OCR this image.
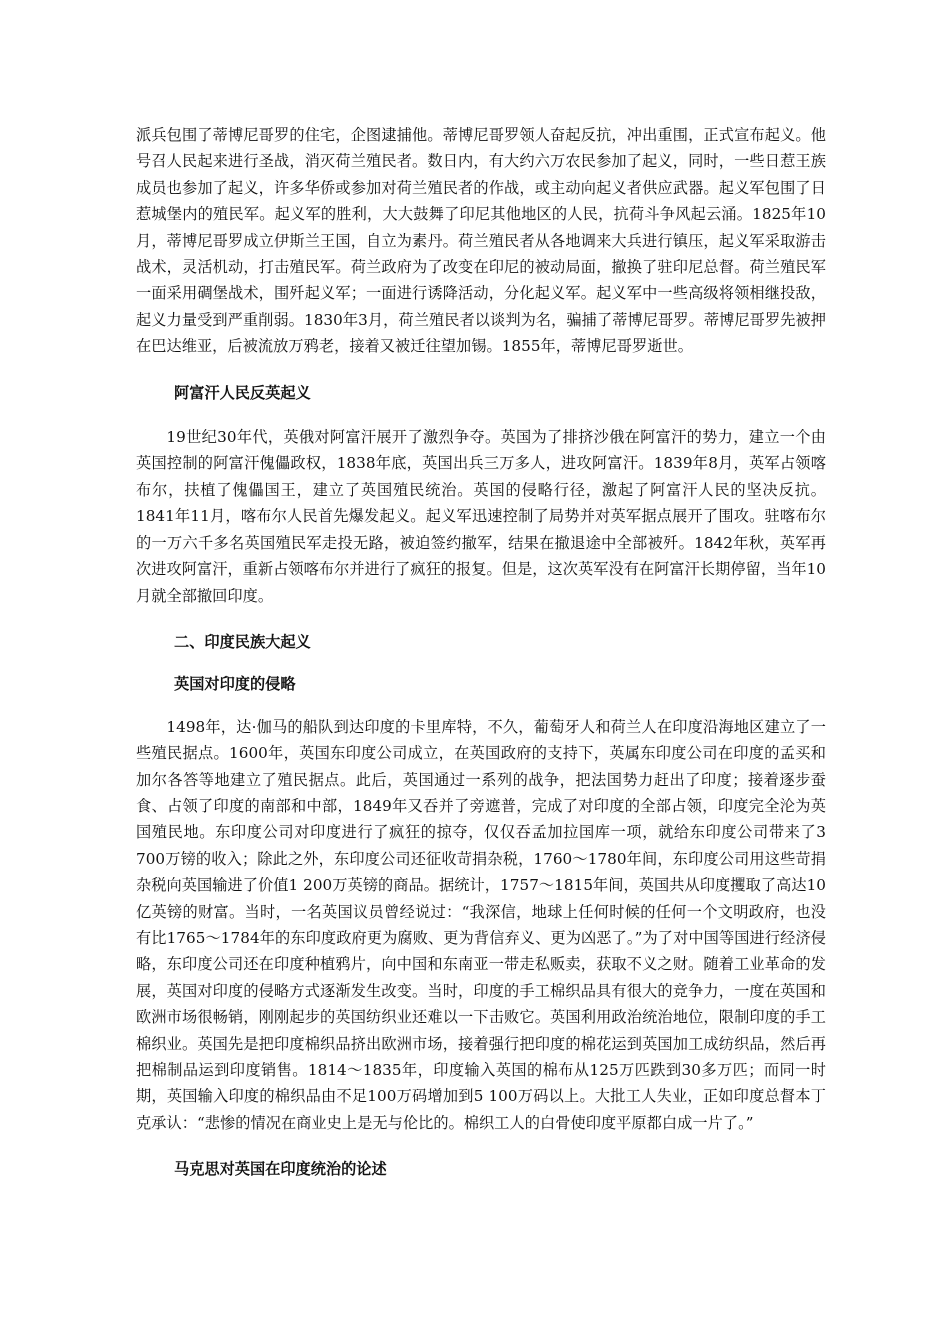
派兵包围了蒂博尼哥罗的住宅，企图逮捕他。蒂博尼哥罗领人奋起反抗，冲出重围，正式宣布起义。他号召人民起来进行圣战，消灭荷兰殖民者。数日内，有大约六万农民参加了起义，同时，一些日惹王族成员也参加了起义，许多华侨或参加对荷兰殖民者的作战，或主动向起义者供应武器。起义军包围了日惹城堡内的殖民军。起义军的胜利，大大鼓舞了印尼其他地区的人民，抗荷斗争风起云涌。1825年10月，蒂博尼哥罗成立伊斯兰王国，自立为素丹。荷兰殖民者从各地调来大兵进行镇压，起义军采取游击战术，灵活机动，打击殖民军。荷兰政府为了改变在印尼的被动局面，撤换了驻印尼总督。荷兰殖民军一面采用碉堡战术，围歼起义军；一面进行诱降活动，分化起义军。起义军中一些高级将领相继投敌，起义力量受到严重削弱。1830年3月，荷兰殖民者以谈判为名，骗捕了蒂博尼哥罗。蒂博尼哥罗先被押在巴达维亚，后被流放万鸦老，接着又被迁往望加锡。1855年，蒂博尼哥罗逝世。

阿富汗人民反英起义

19世纪30年代，英俄对阿富汗展开了激烈争夺。英国为了排挤沙俄在阿富汗的势力，建立一个由英国控制的阿富汗傀儡政权，1838年底，英国出兵三万多人，进攻阿富汗。1839年8月，英军占领喀布尔，扶植了傀儡国王，建立了英国殖民统治。英国的侵略行径，激起了阿富汗人民的坚决反抗。1841年11月，喀布尔人民首先爆发起义。起义军迅速控制了局势并对英军据点展开了围攻。驻喀布尔的一万六千多名英国殖民军走投无路，被迫签约撤军，结果在撤退途中全部被歼。1842年秋，英军再次进攻阿富汗，重新占领喀布尔并进行了疯狂的报复。但是，这次英军没有在阿富汗长期停留，当年10月就全部撤回印度。

二、印度民族大起义
英国对印度的侵略

1498年，达·伽马的船队到达印度的卡里库特，不久，葡萄牙人和荷兰人在印度沿海地区建立了一些殖民据点。1600年，英国东印度公司成立，在英国政府的支持下，英属东印度公司在印度的孟买和加尔各答等地建立了殖民据点。此后，英国通过一系列的战争，把法国势力赶出了印度；接着逐步蚕食、占领了印度的南部和中部，1849年又吞并了旁遮普，完成了对印度的全部占领，印度完全沦为英国殖民地。东印度公司对印度进行了疯狂的掠夺，仅仅吞孟加拉国库一项，就给东印度公司带来了3 700万镑的收入；除此之外，东印度公司还征收苛捐杂税，1760～1780年间，东印度公司用这些苛捐杂税向英国输进了价值1 200万英镑的商品。据统计，1757～1815年间，英国共从印度攫取了高达10亿英镑的财富。当时，一名英国议员曾经说过：“我深信，地球上任何时候的任何一个文明政府，也没有比1765～1784年的东印度政府更为腐败、更为背信弃义、更为凶恶了。”为了对中国等国进行经济侵略，东印度公司还在印度种植鸦片，向中国和东南亚一带走私贩卖，获取不义之财。随着工业革命的发展，英国对印度的侵略方式逐渐发生改变。当时，印度的手工棉织品具有很大的竞争力，一度在英国和欧洲市场很畅销，刚刚起步的英国纺织业还难以一下击败它。英国利用政治统治地位，限制印度的手工棉织业。英国先是把印度棉织品挤出欧洲市场，接着强行把印度的棉花运到英国加工成纺织品，然后再把棉制品运到印度销售。1814～1835年，印度输入英国的棉布从125万匹跌到30多万匹；而同一时期，英国输入印度的棉织品由不足100万码增加到5 100万码以上。大批工人失业，正如印度总督本丁克承认：“悲惨的情况在商业史上是无与伦比的。棉织工人的白骨使印度平原都白成一片了。”

马克思对英国在印度统治的论述
